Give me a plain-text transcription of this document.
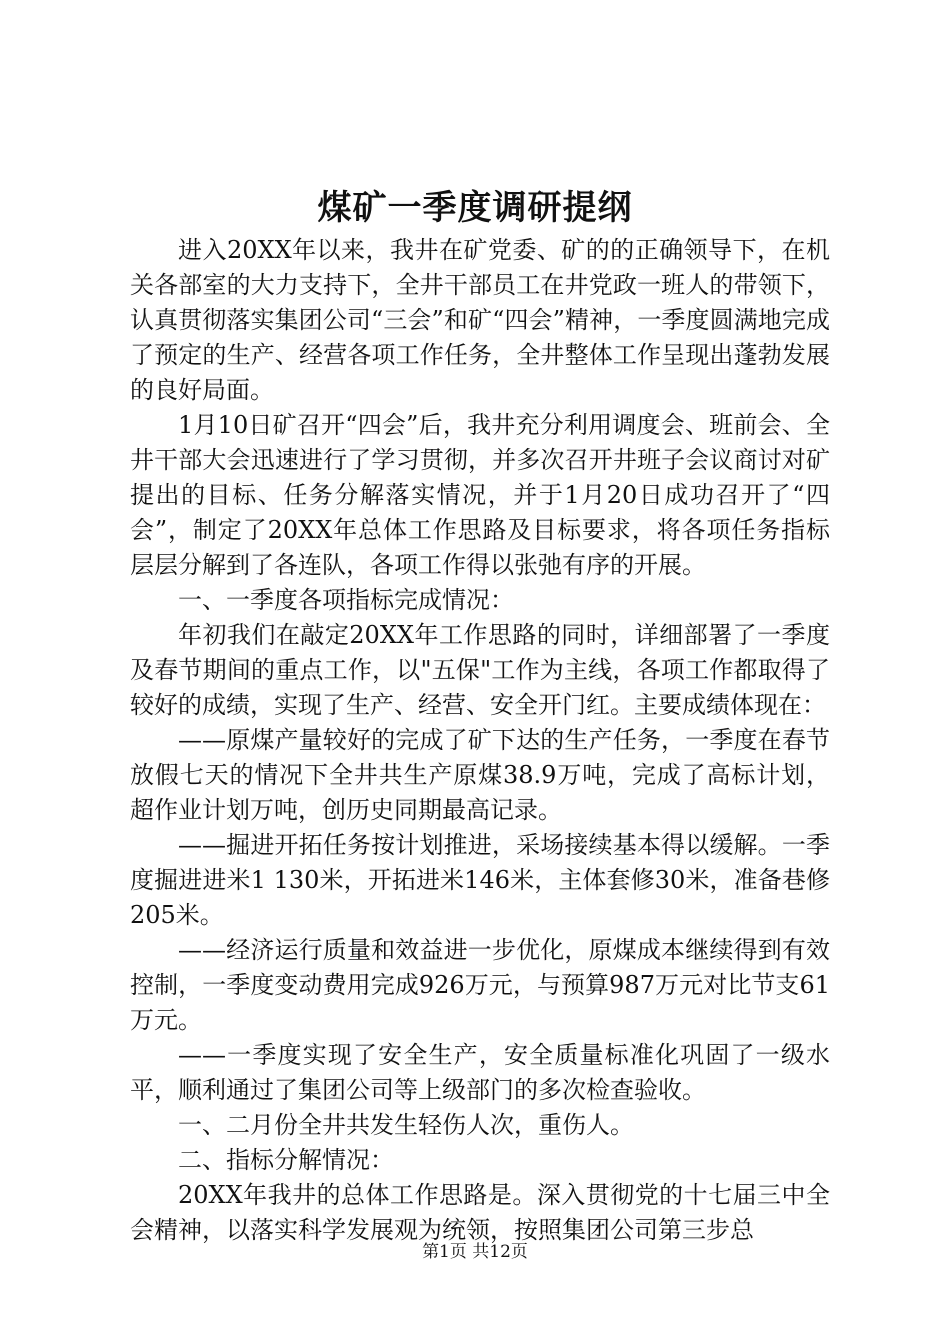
煤矿一季度调研提纲

进入20XX年以来，我井在矿党委、矿的的正确领导下，在机关各部室的大力支持下，全井干部员工在井党政一班人的带领下，认真贯彻落实集团公司“三会”和矿“四会”精神，一季度圆满地完成了预定的生产、经营各项工作任务，全井整体工作呈现出蓬勃发展的良好局面。

1月10日矿召开“四会”后，我井充分利用调度会、班前会、全井干部大会迅速进行了学习贯彻，并多次召开井班子会议商讨对矿提出的目标、任务分解落实情况，并于1月20日成功召开了“四会”，制定了20XX年总体工作思路及目标要求，将各项任务指标层层分解到了各连队，各项工作得以张弛有序的开展。

一、一季度各项指标完成情况：

年初我们在敲定20XX年工作思路的同时，详细部署了一季度及春节期间的重点工作，以"五保"工作为主线，各项工作都取得了较好的成绩，实现了生产、经营、安全开门红。主要成绩体现在：

——原煤产量较好的完成了矿下达的生产任务，一季度在春节放假七天的情况下全井共生产原煤38.9万吨，完成了高标计划，超作业计划万吨，创历史同期最高记录。

——掘进开拓任务按计划推进，采场接续基本得以缓解。一季度掘进进米1 130米，开拓进米146米，主体套修30米，准备巷修205米。

——经济运行质量和效益进一步优化，原煤成本继续得到有效控制，一季度变动费用完成926万元，与预算987万元对比节支61万元。

——一季度实现了安全生产，安全质量标准化巩固了一级水平，顺利通过了集团公司等上级部门的多次检查验收。

一、二月份全井共发生轻伤人次，重伤人。

二、指标分解情况：

20XX年我井的总体工作思路是。深入贯彻党的十七届三中全会精神，以落实科学发展观为统领，按照集团公司第三步总

第1页 共12页
